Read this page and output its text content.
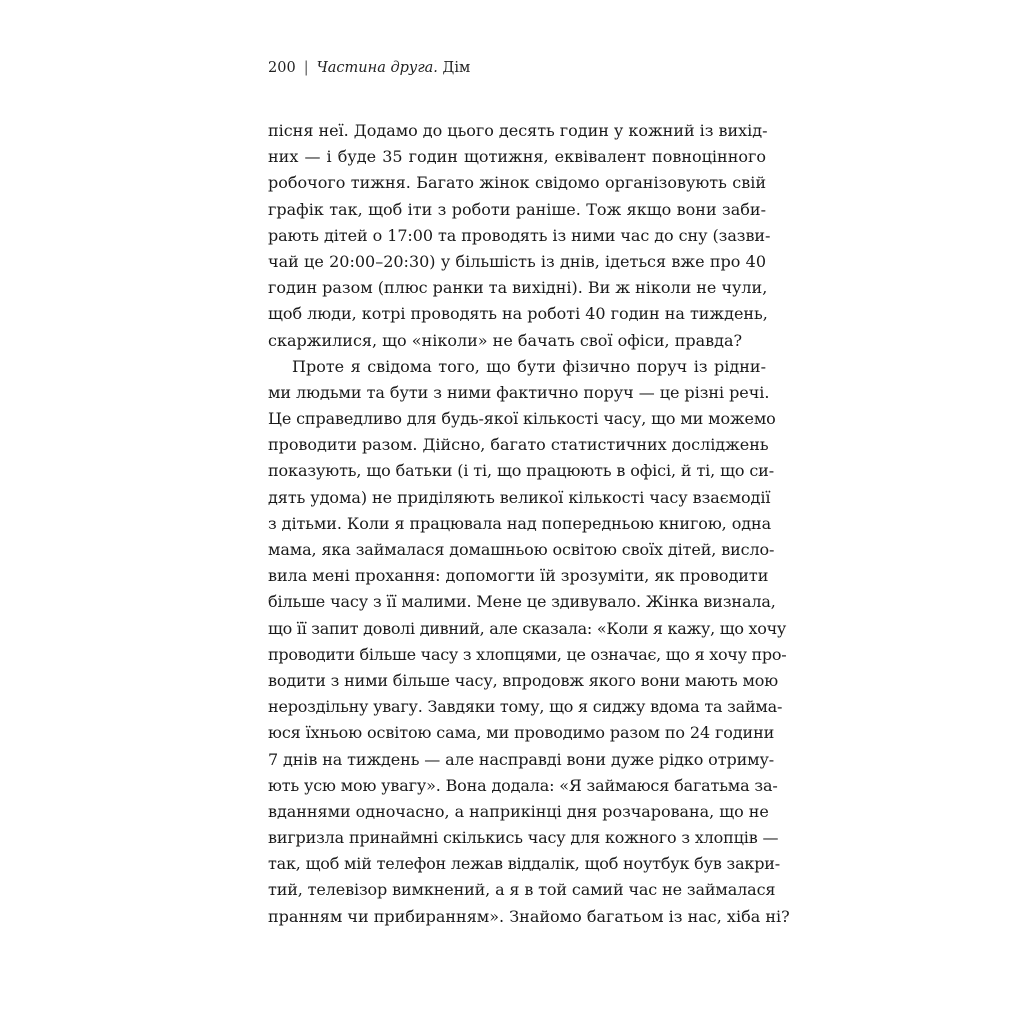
200 | Частина друга. Дім
пісня неї. Додамо до цього десять годин у кожний із вихід-
них — і буде 35 годин щотижня, еквівалент повноцінного
робочого тижня. Багато жінок свідомо організовують свій
графік так, щоб іти з роботи раніше. Тож якщо вони заби-
рають дітей о 17:00 та проводять із ними час до сну (зазви-
чай це 20:00–20:30) у більшість із днів, ідеться вже про 40
годин разом (плюс ранки та вихідні). Ви ж ніколи не чули,
щоб люди, котрі проводять на роботі 40 годин на тиждень,
скаржилися, що «ніколи» не бачать свої офіси, правда?
Проте я свідома того, що бути фізично поруч із рідни-
ми людьми та бути з ними фактично поруч — це різні речі.
Це справедливо для будь-якої кількості часу, що ми можемо
проводити разом. Дійсно, багато статистичних досліджень
показують, що батьки (і ті, що працюють в офісі, й ті, що си-
дять удома) не приділяють великої кількості часу взаємодії
з дітьми. Коли я працювала над попередньою книгою, одна
мама, яка займалася домашньою освітою своїх дітей, висло-
вила мені прохання: допомогти їй зрозуміти, як проводити
більше часу з її малими. Мене це здивувало. Жінка визнала,
що її запит доволі дивний, але сказала: «Коли я кажу, що хочу
проводити більше часу з хлопцями, це означає, що я хочу про-
водити з ними більше часу, впродовж якого вони мають мою
нероздільну увагу. Завдяки тому, що я сиджу вдома та займа-
юся їхньою освітою сама, ми проводимо разом по 24 години
7 днів на тиждень — але насправді вони дуже рідко отриму-
ють усю мою увагу». Вона додала: «Я займаюся багатьма за-
вданнями одночасно, а наприкінці дня розчарована, що не
вигризла принаймні скількись часу для кожного з хлопців —
так, щоб мій телефон лежав віддалік, щоб ноутбук був закри-
тий, телевізор вимкнений, а я в той самий час не займалася
пранням чи прибиранням». Знайомо багатьом із нас, хіба ні?
